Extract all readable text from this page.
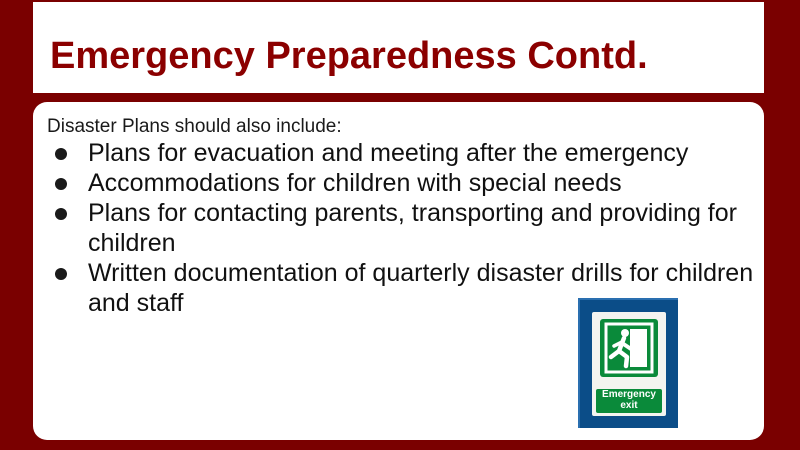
Emergency Preparedness Contd.
Disaster Plans should also include:
Plans for evacuation and meeting after the emergency
Accommodations for children with special needs
Plans for contacting parents, transporting and providing for children
Written documentation of quarterly disaster drills for children and staff
Emergency
exit
